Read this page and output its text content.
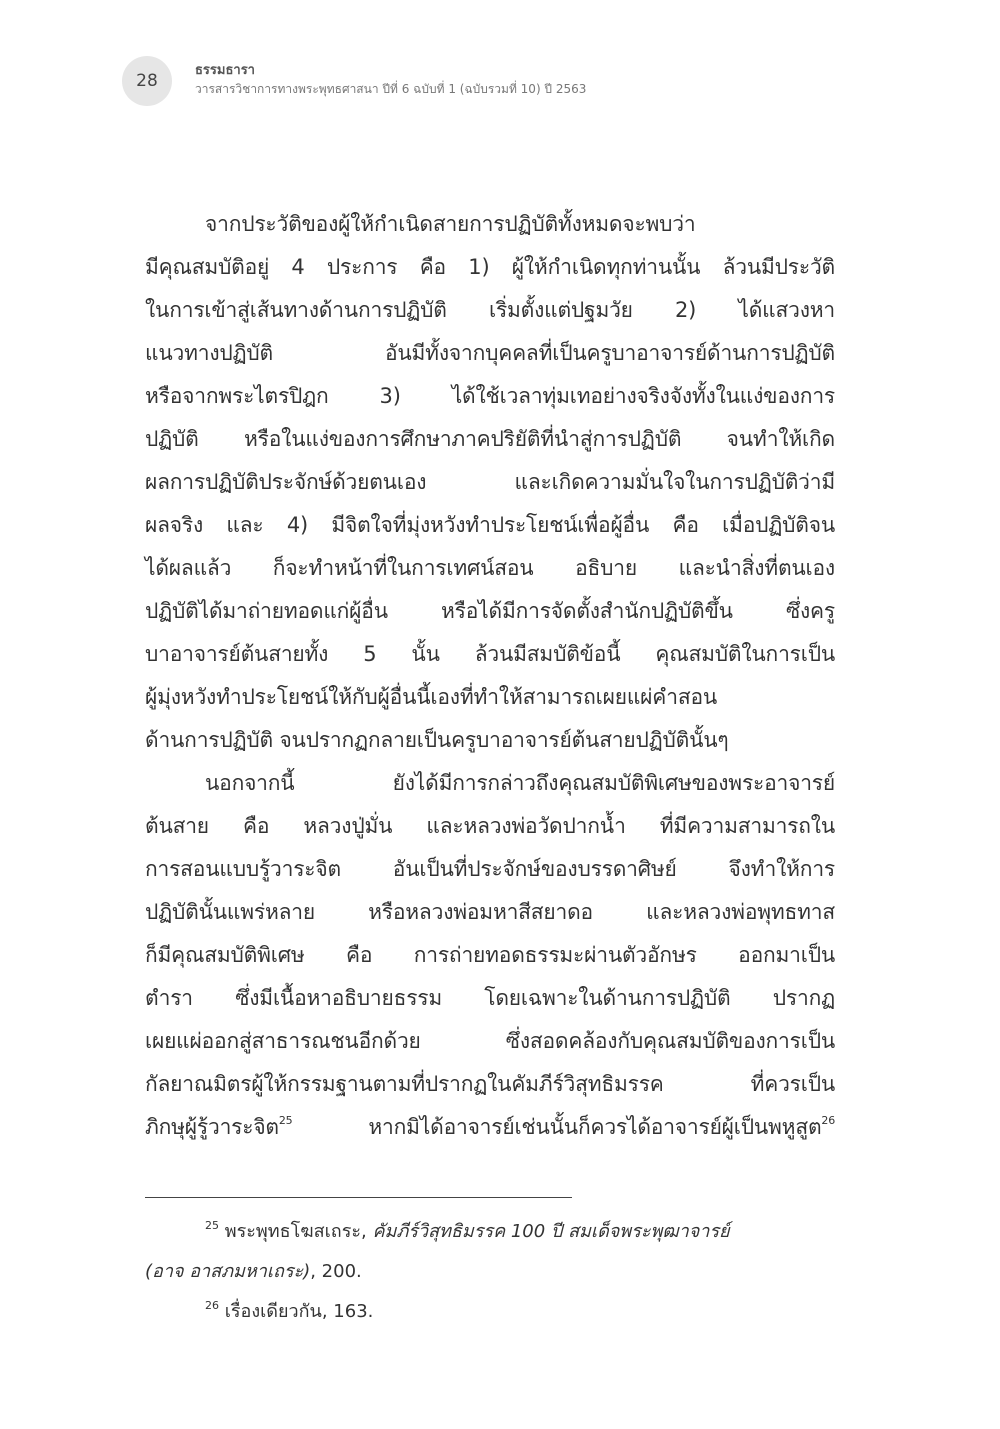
28
ธรรมธารา
วารสารวิชาการทางพระพุทธศาสนา ปีที่ 6 ฉบับที่ 1 (ฉบับรวมที่ 10) ปี 2563
จากประวัติของผู้ให้กำเนิดสายการปฏิบัติทั้งหมดจะพบว่า
มีคุณสมบัติอยู่ 4 ประการ คือ 1) ผู้ให้กำเนิดทุกท่านนั้น ล้วนมีประวัติ
ในการเข้าสู่เส้นทางด้านการปฏิบัติ เริ่มตั้งแต่ปฐมวัย 2) ได้แสวงหา
แนวทางปฏิบัติ อันมีทั้งจากบุคคลที่เป็นครูบาอาจารย์ด้านการปฏิบัติ
หรือจากพระไตรปิฎก 3) ได้ใช้เวลาทุ่มเทอย่างจริงจังทั้งในแง่ของการ
ปฏิบัติ หรือในแง่ของการศึกษาภาคปริยัติที่นำสู่การปฏิบัติ จนทำให้เกิด
ผลการปฏิบัติประจักษ์ด้วยตนเอง และเกิดความมั่นใจในการปฏิบัติว่ามี
ผลจริง และ 4) มีจิตใจที่มุ่งหวังทำประโยชน์เพื่อผู้อื่น คือ เมื่อปฏิบัติจน
ได้ผลแล้ว ก็จะทำหน้าที่ในการเทศน์สอน อธิบาย และนำสิ่งที่ตนเอง
ปฏิบัติได้มาถ่ายทอดแก่ผู้อื่น หรือได้มีการจัดตั้งสำนักปฏิบัติขึ้น ซึ่งครู
บาอาจารย์ต้นสายทั้ง 5 นั้น ล้วนมีสมบัติข้อนี้ คุณสมบัติในการเป็น
ผู้มุ่งหวังทำประโยชน์ให้กับผู้อื่นนี้เองที่ทำให้สามารถเผยแผ่คำสอน
ด้านการปฏิบัติ จนปรากฏกลายเป็นครูบาอาจารย์ต้นสายปฏิบัตินั้นๆ
นอกจากนี้ ยังได้มีการกล่าวถึงคุณสมบัติพิเศษของพระอาจารย์
ต้นสาย คือ หลวงปู่มั่น และหลวงพ่อวัดปากน้ำ ที่มีความสามารถใน
การสอนแบบรู้วาระจิต อันเป็นที่ประจักษ์ของบรรดาศิษย์ จึงทำให้การ
ปฏิบัตินั้นแพร่หลาย หรือหลวงพ่อมหาสีสยาดอ และหลวงพ่อพุทธทาส
ก็มีคุณสมบัติพิเศษ คือ การถ่ายทอดธรรมะผ่านตัวอักษร ออกมาเป็น
ตำรา ซึ่งมีเนื้อหาอธิบายธรรม โดยเฉพาะในด้านการปฏิบัติ ปรากฏ
เผยแผ่ออกสู่สาธารณชนอีกด้วย ซึ่งสอดคล้องกับคุณสมบัติของการเป็น
กัลยาณมิตรผู้ให้กรรมฐานตามที่ปรากฏในคัมภีร์วิสุทธิมรรค ที่ควรเป็น
ภิกษุผู้รู้วาระจิต$^{25}$ หากมิได้อาจารย์เช่นนั้นก็ควรได้อาจารย์ผู้เป็นพหูสูต$^{26}$
$^{25}$ พระพุทธโฆสเถระ, คัมภีร์วิสุทธิมรรค 100 ปี สมเด็จพระพุฒาจารย์
(อาจ อาสภมหาเถระ), 200.
$^{26}$ เรื่องเดียวกัน, 163.
